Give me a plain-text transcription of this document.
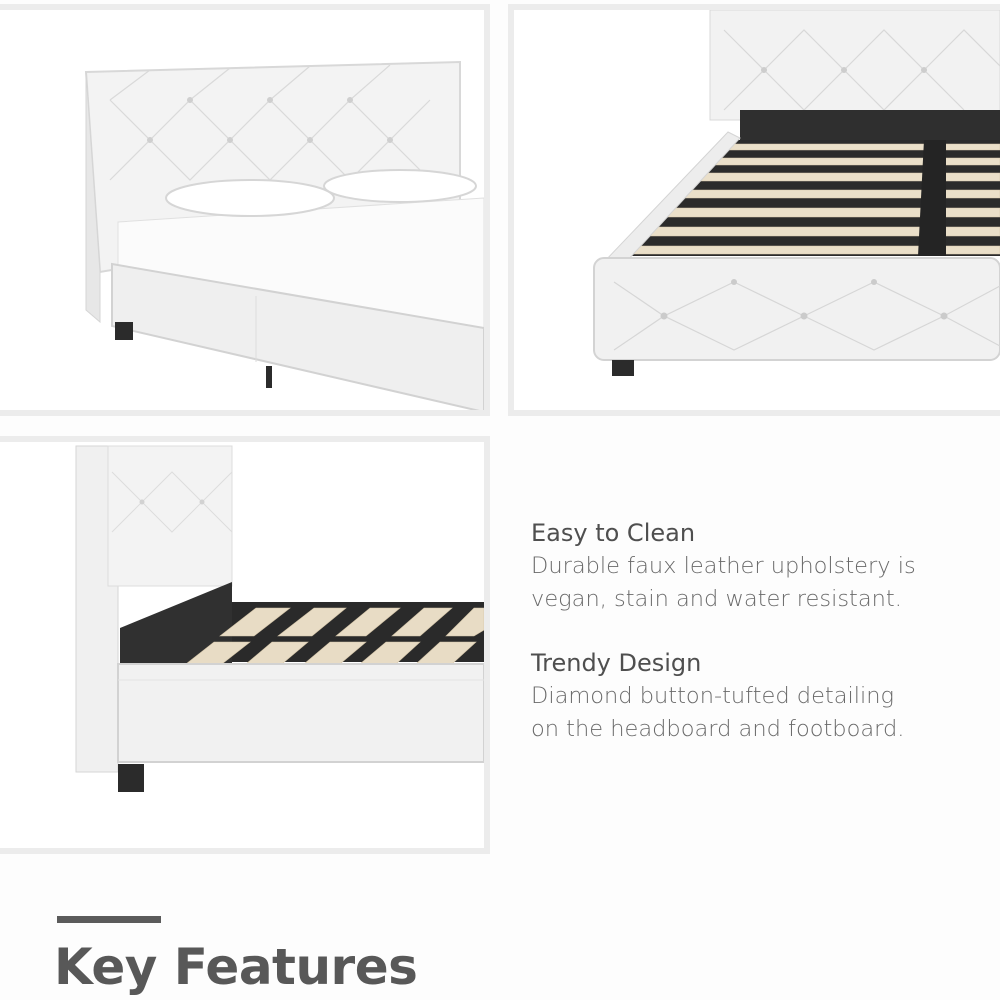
Easy to Clean
Durable faux leather upholstery is
vegan, stain and water resistant.
Trendy Design
Diamond button-tufted detailing
on the headboard and footboard.
Key Features
